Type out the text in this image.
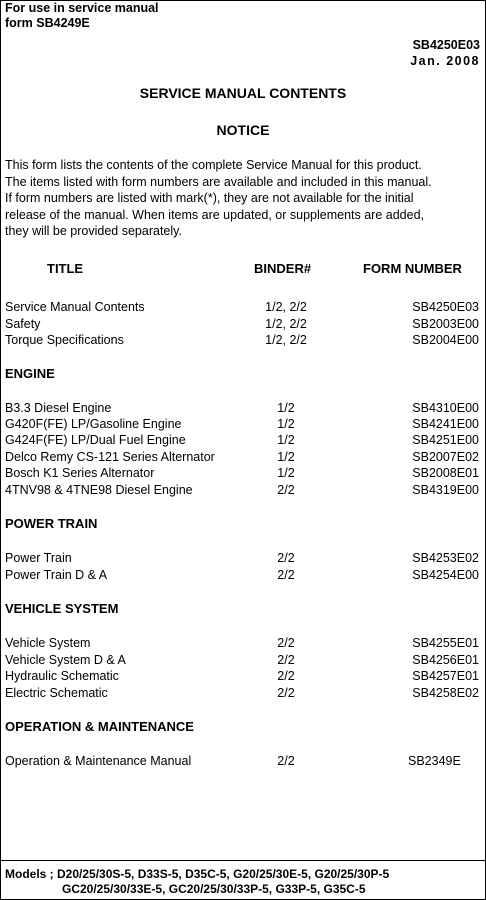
For use in service manual
form SB4249E
SB4250E03
Jan. 2008
SERVICE MANUAL CONTENTS
NOTICE

This form lists the contents of the complete Service Manual for this product.
The items listed with form numbers are available and included in this manual.
If form numbers are listed with mark(*), they are not available for the initial
release of the manual. When items are updated, or supplements are added,
they will be provided separately.

TITLE	BINDER#	FORM NUMBER
Service Manual Contents	1/2, 2/2	SB4250E03
Safety	1/2, 2/2	SB2003E00
Torque Specifications	1/2, 2/2	SB2004E00
ENGINE
B3.3 Diesel Engine	1/2	SB4310E00
G420F(FE) LP/Gasoline Engine	1/2	SB4241E00
G424F(FE) LP/Dual Fuel Engine	1/2	SB4251E00
Delco Remy CS-121 Series Alternator	1/2	SB2007E02
Bosch K1 Series Alternator	1/2	SB2008E01
4TNV98 & 4TNE98 Diesel Engine	2/2	SB4319E00
POWER TRAIN
Power Train	2/2	SB4253E02
Power Train D & A	2/2	SB4254E00
VEHICLE SYSTEM
Vehicle System	2/2	SB4255E01
Vehicle System D & A	2/2	SB4256E01
Hydraulic Schematic	2/2	SB4257E01
Electric Schematic	2/2	SB4258E02
OPERATION & MAINTENANCE
Operation & Maintenance Manual	2/2	SB2349E
Models ; D20/25/30S-5, D33S-5, D35C-5, G20/25/30E-5, G20/25/30P-5
GC20/25/30/33E-5, GC20/25/30/33P-5, G33P-5, G35C-5
